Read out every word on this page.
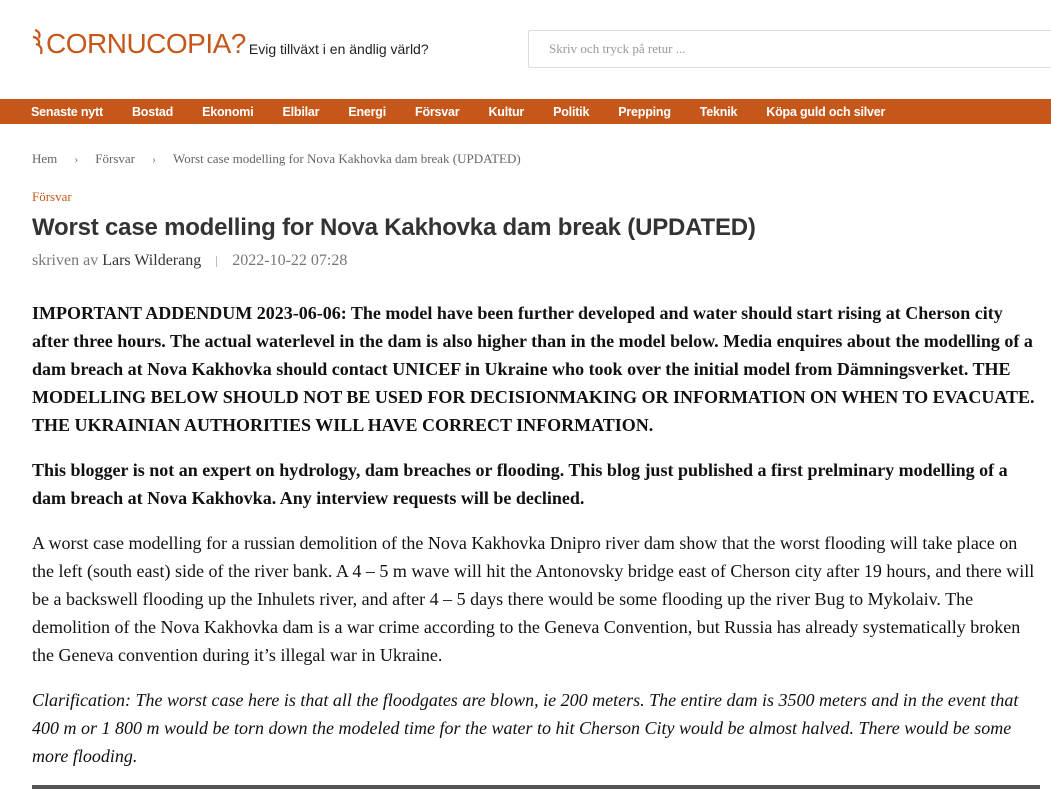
CORNUCOPIA? Evig tillväxt i en ändlig värld?
Skriv och tryck på retur ...
Senaste nytt Bostad Ekonomi Elbilar Energi Försvar Kultur Politik Prepping Teknik Köpa guld och silver
Hem › Försvar › Worst case modelling for Nova Kakhovka dam break (UPDATED)
Försvar
Worst case modelling for Nova Kakhovka dam break (UPDATED)
skriven av Lars Wilderang 2022-10-22 07:28

IMPORTANT ADDENDUM 2023-06-06: The model have been further developed and water should start rising at Cherson city after three hours. The actual waterlevel in the dam is also higher than in the model below. Media enquires about the modelling of a dam breach at Nova Kakhovka should contact UNICEF in Ukraine who took over the initial model from Dämningsverket. THE MODELLING BELOW SHOULD NOT BE USED FOR DECISIONMAKING OR INFORMATION ON WHEN TO EVACUATE. THE UKRAINIAN AUTHORITIES WILL HAVE CORRECT INFORMATION.

This blogger is not an expert on hydrology, dam breaches or flooding. This blog just published a first prelminary modelling of a dam breach at Nova Kakhovka. Any interview requests will be declined.

A worst case modelling for a russian demolition of the Nova Kakhovka Dnipro river dam show that the worst flooding will take place on the left (south east) side of the river bank. A 4 – 5 m wave will hit the Antonovsky bridge east of Cherson city after 19 hours, and there will be a backswell flooding up the Inhulets river, and after 4 – 5 days there would be some flooding up the river Bug to Mykolaiv. The demolition of the Nova Kakhovka dam is a war crime according to the Geneva Convention, but Russia has already systematically broken the Geneva convention during it’s illegal war in Ukraine.

Clarification: The worst case here is that all the floodgates are blown, ie 200 meters. The entire dam is 3500 meters and in the event that 400 m or 1 800 m would be torn down the modeled time for the water to hit Cherson City would be almost halved. There would be some more flooding.
